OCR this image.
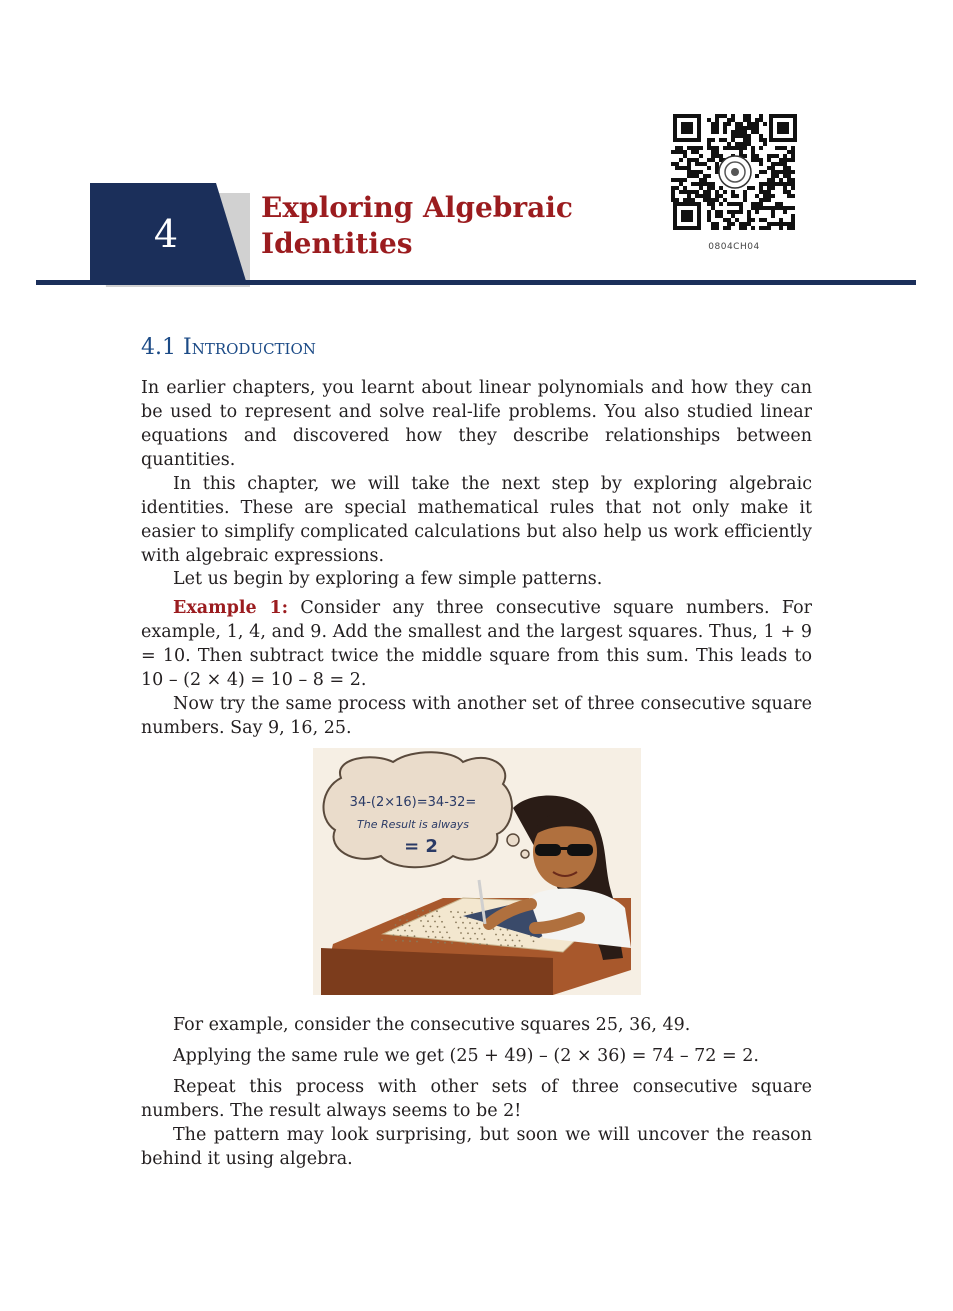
4
Exploring Algebraic
Identities	0804CH04
4.1 Introduction

In earlier chapters, you learnt about linear polynomials and how they can be used to represent and solve real-life problems. You also studied linear equations and discovered how they describe relationships between quantities.

In this chapter, we will take the next step by exploring algebraic identities. These are special mathematical rules that not only make it easier to simplify complicated calculations but also help us work efficiently with algebraic expressions.

Let us begin by exploring a few simple patterns.

Example 1: Consider any three consecutive square numbers. For example, 1, 4, and 9. Add the smallest and the largest squares. Thus, 1 + 9 = 10. Then subtract twice the middle square from this sum. This leads to 10 – (2 × 4) = 10 – 8 = 2.

Now try the same process with another set of three consecutive square numbers. Say 9, 16, 25.

34-(2×16)=34-32=
The Result is always
= 2

For example, consider the consecutive squares 25, 36, 49.

Applying the same rule we get (25 + 49) – (2 × 36) = 74 – 72 = 2.

Repeat this process with other sets of three consecutive square numbers. The result always seems to be 2!

The pattern may look surprising, but soon we will uncover the reason behind it using algebra.
